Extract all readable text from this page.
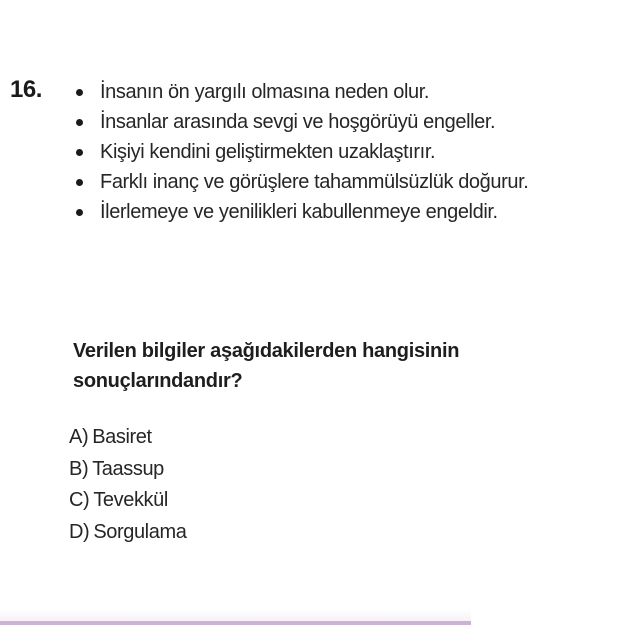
16.	İnsanın ön yargılı olmasına neden olur.
İnsanlar arasında sevgi ve hoşgörüyü engeller.
Kişiyi kendini geliştirmekten uzaklaştırır.
Farklı inanç ve görüşlere tahammülsüzlük doğurur.
İlerlemeye ve yenilikleri kabullenmeye engeldir.
Verilen bilgiler aşağıdakilerden hangisinin sonuçlarındandır?
A) Basiret
B) Taassup
C) Tevekkül
D) Sorgulama
